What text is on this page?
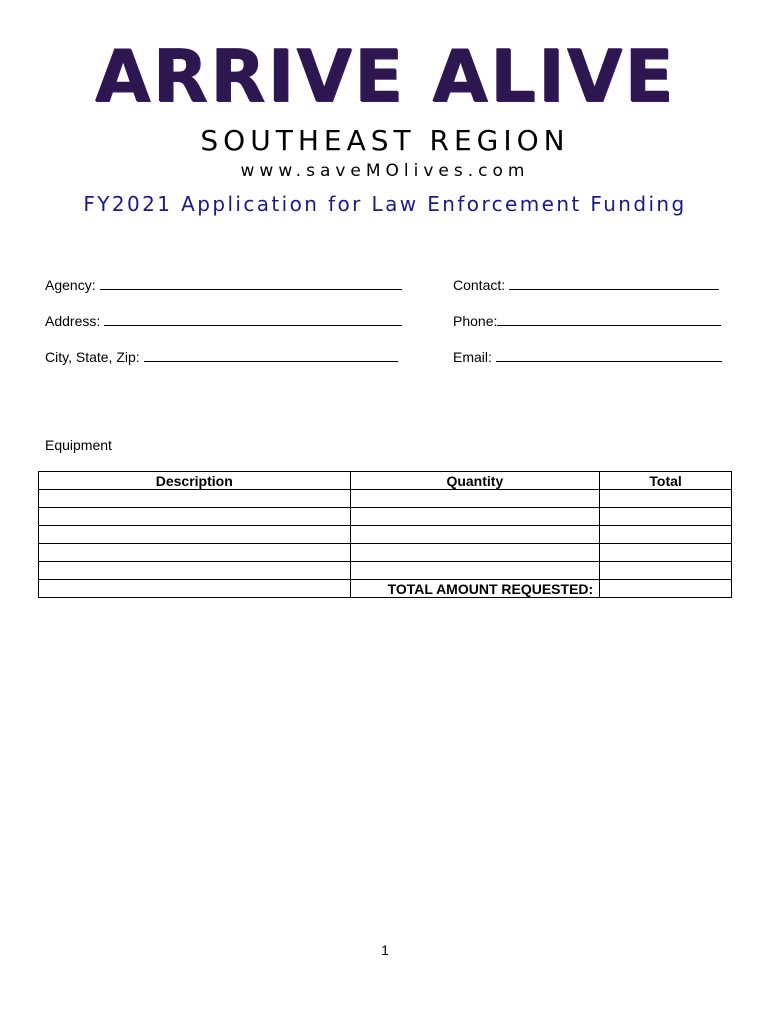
ARRIVE ALIVE
SOUTHEAST REGION
www.saveMOlives.com
FY2021 Application for Law Enforcement Funding
Agency:
Address:
City, State, Zip:
Contact:
Phone:
Email:
Equipment
Description	Quantity	Total

	TOTAL AMOUNT REQUESTED:	
1
